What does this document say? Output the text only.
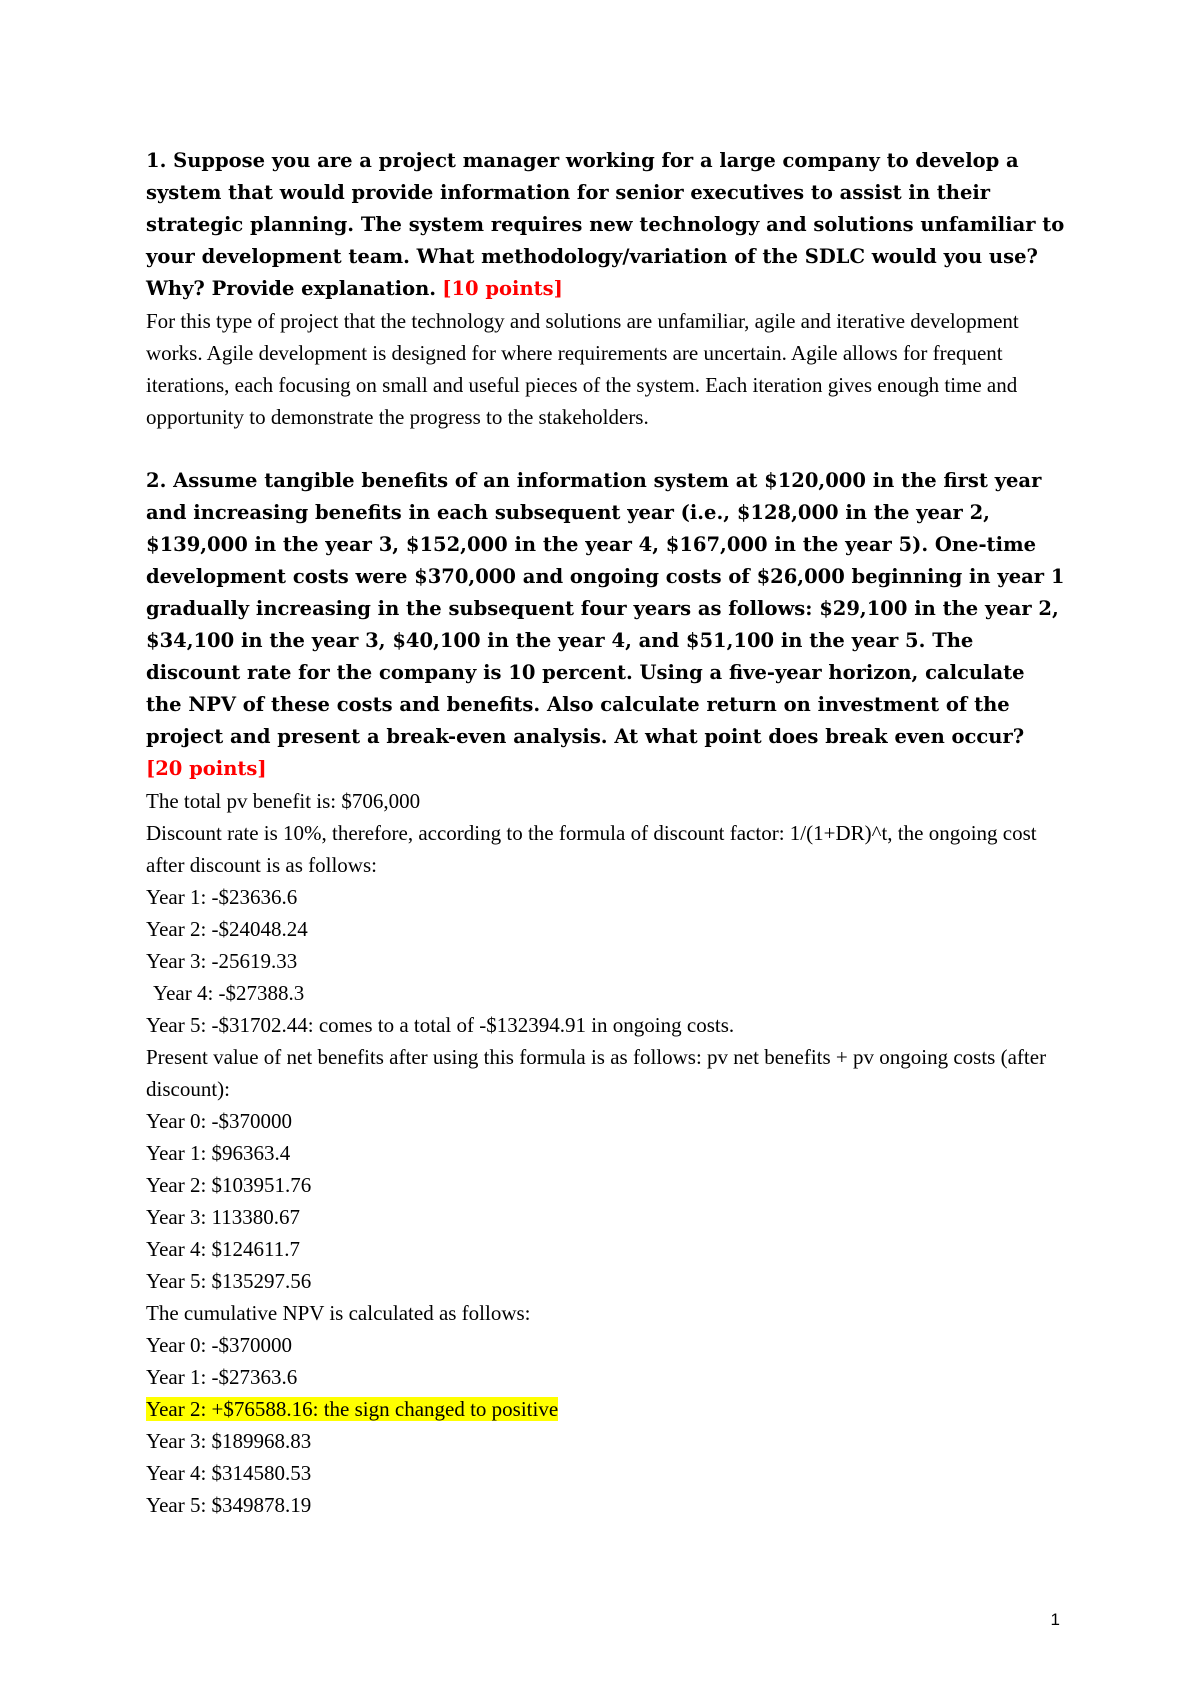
1. Suppose you are a project manager working for a large company to develop a system that would provide information for senior executives to assist in their strategic planning. The system requires new technology and solutions unfamiliar to your development team. What methodology/variation of the SDLC would you use? Why? Provide explanation. [10 points]

For this type of project that the technology and solutions are unfamiliar, agile and iterative development works. Agile development is designed for where requirements are uncertain. Agile allows for frequent iterations, each focusing on small and useful pieces of the system. Each iteration gives enough time and opportunity to demonstrate the progress to the stakeholders.

2. Assume tangible benefits of an information system at $120,000 in the first year and increasing benefits in each subsequent year (i.e., $128,000 in the year 2, $139,000 in the year 3, $152,000 in the year 4, $167,000 in the year 5). One-time development costs were $370,000 and ongoing costs of $26,000 beginning in year 1 gradually increasing in the subsequent four years as follows: $29,100 in the year 2, $34,100 in the year 3, $40,100 in the year 4, and $51,100 in the year 5. The discount rate for the company is 10 percent. Using a five-year horizon, calculate the NPV of these costs and benefits. Also calculate return on investment of the project and present a break-even analysis. At what point does break even occur? [20 points]

The total pv benefit is: $706,000

Discount rate is 10%, therefore, according to the formula of discount factor: 1/(1+DR)^t, the ongoing cost after discount is as follows:

Year 1: -$23636.6
Year 2: -$24048.24
Year 3: -25619.33
Year 4: -$27388.3
Year 5: -$31702.44: comes to a total of -$132394.91 in ongoing costs.

Present value of net benefits after using this formula is as follows: pv net benefits + pv ongoing costs (after discount):

Year 0: -$370000
Year 1: $96363.4
Year 2: $103951.76
Year 3: 113380.67
Year 4: $124611.7
Year 5: $135297.56
The cumulative NPV is calculated as follows:
Year 0: -$370000
Year 1: -$27363.6
Year 2: +$76588.16: the sign changed to positive
Year 3: $189968.83
Year 4: $314580.53
Year 5: $349878.19
1
